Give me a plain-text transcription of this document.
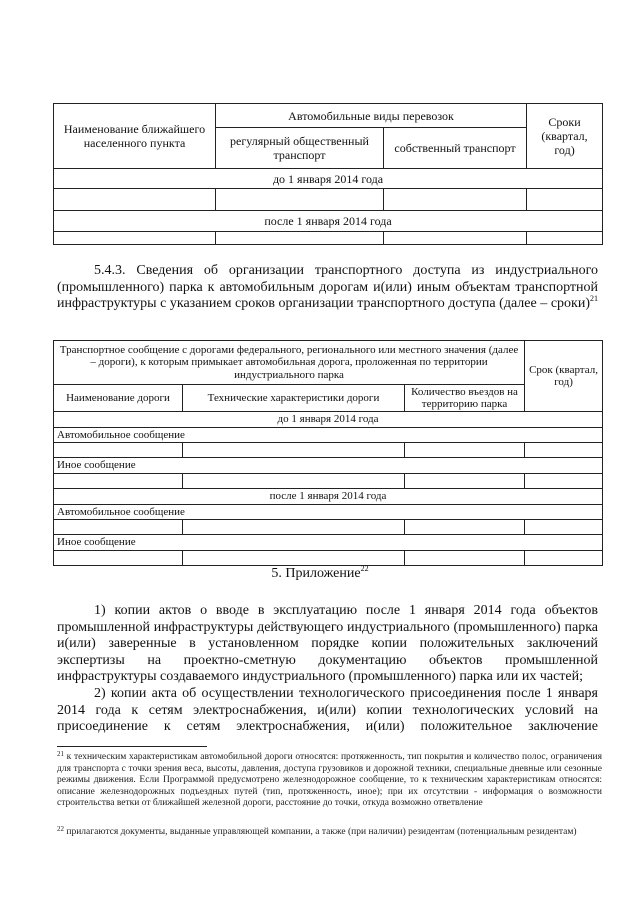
Наименование ближайшего населенного пункта	Автомобильные виды перевозок		Сроки (квартал, год)
	регулярный общественный транспорт	собственный транспорт	
до 1 января 2014 года			

после 1 января 2014 года			

5.4.3. Сведения об организации транспортного доступа из индустриального (промышленного) парка к автомобильным дорогам и(или) иным объектам транспортной инфраструктуры с указанием сроков организации транспортного доступа (далее – сроки)$^{21}$
Транспортное сообщение с дорогами федерального, регионального или местного значения (далее – дороги), к которым примыкает автомобильная дорога, проложенная по территории индустриального парка			Срок (квартал, год)
Наименование дороги	Технические характеристики дороги	Количество въездов на территорию парка	
до 1 января 2014 года			
Автомобильное сообщение			

Иное сообщение			

после 1 января 2014 года			
Автомобильное сообщение			

Иное сообщение			

5. Приложение$^{22}$
1) копии актов о вводе в эксплуатацию после 1 января 2014 года объектов промышленной инфраструктуры действующего индустриального (промышленного) парка и(или) заверенные в установленном порядке копии положительных заключений экспертизы на проектно-сметную документацию объектов промышленной инфраструктуры создаваемого индустриального (промышленного) парка или их частей;
2) копии акта об осуществлении технологического присоединения после 1 января 2014 года к сетям электроснабжения, и(или) копии технологических условий на присоединение к сетям электроснабжения, и(или) положительное заключение
$^{21}$ к техническим характеристикам автомобильной дороги относятся: протяженность, тип покрытия и количество полос, ограничения для транспорта с точки зрения веса, высоты, давления, доступа грузовиков и дорожной техники, специальные дневные или сезонные режимы движения. Если Программой предусмотрено железнодорожное сообщение, то к техническим характеристикам относятся: описание железнодорожных подъездных путей (тип, протяженность, иное); при их отсутствии - информация о возможности строительства ветки от ближайшей железной дороги, расстояние до точки, откуда возможно ответвление
$^{22}$ прилагаются документы, выданные управляющей компании, а также (при наличии) резидентам (потенциальным резидентам)
